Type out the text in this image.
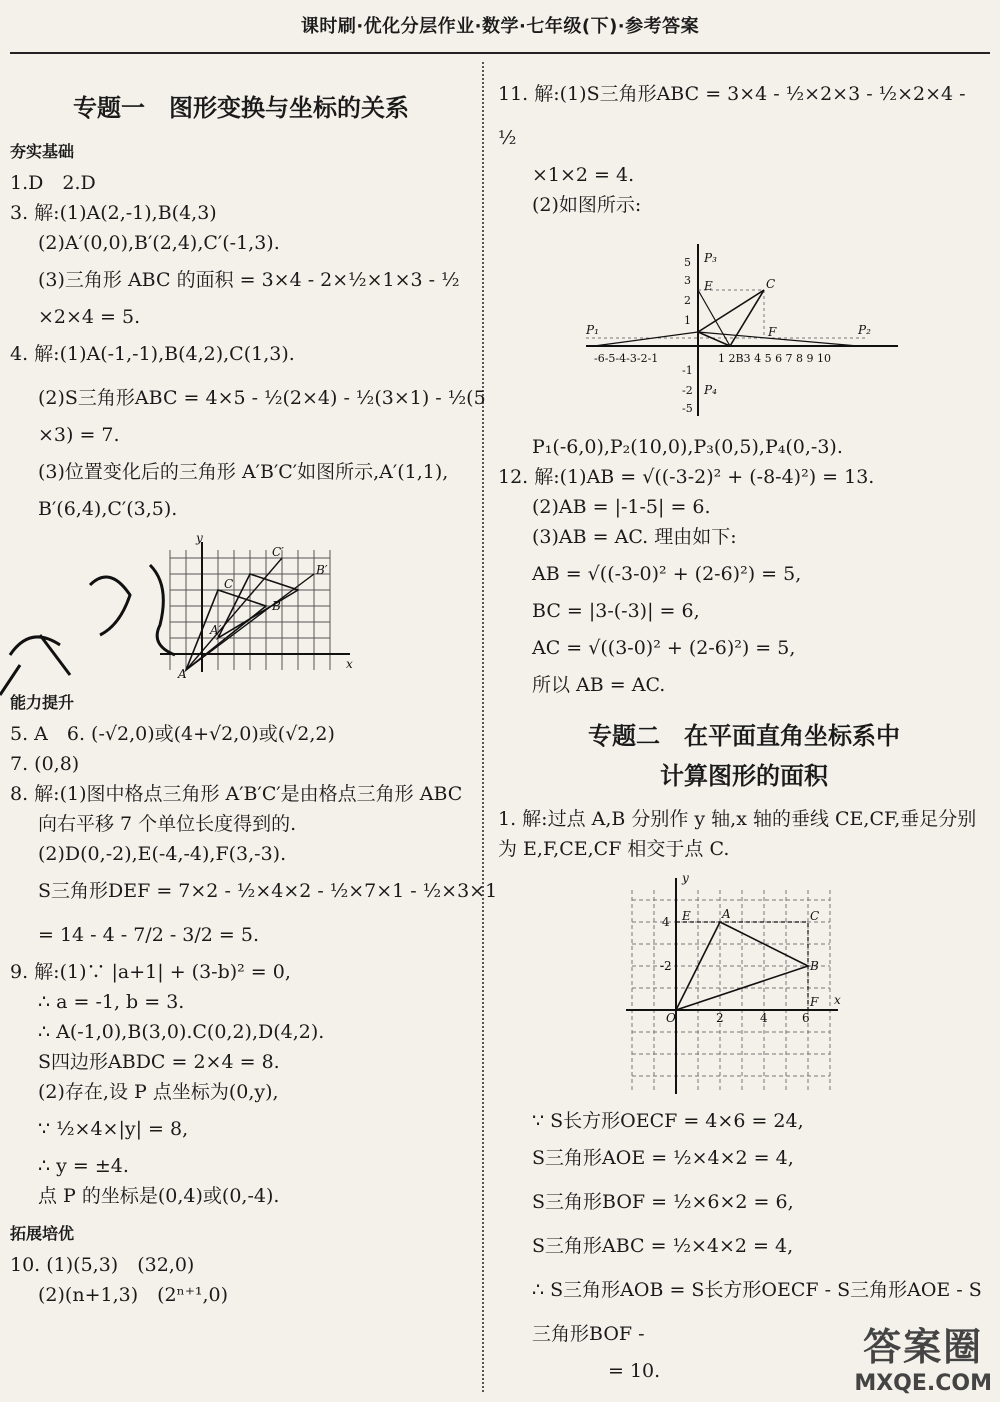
课时刷·优化分层作业·数学·七年级(下)·参考答案
专题一　图形变换与坐标的关系
夯实基础
1.D　2.D
3. 解:(1)A(2,-1),B(4,3)
(2)A′(0,0),B′(2,4),C′(-1,3).
(3)三角形 ABC 的面积 = 3×4 - 2×½×1×3 - ½
×2×4 = 5.
4. 解:(1)A(-1,-1),B(4,2),C(1,3).
(2)S三角形ABC = 4×5 - ½(2×4) - ½(3×1) - ½(5
×3) = 7.
(3)位置变化后的三角形 A′B′C′如图所示,A′(1,1),
B′(6,4),C′(3,5).
y
x
A
B
C
C′
B′
A′
能力提升
5. A　6. (-√2,0)或(4+√2,0)或(√2,2)
7. (0,8)
8. 解:(1)图中格点三角形 A′B′C′是由格点三角形 ABC
向右平移 7 个单位长度得到的.
(2)D(0,-2),E(-4,-4),F(3,-3).
S三角形DEF = 7×2 - ½×4×2 - ½×7×1 - ½×3×1
= 14 - 4 - 7/2 - 3/2 = 5.
9. 解:(1)∵ |a+1| + (3-b)² = 0,
∴ a = -1, b = 3.
∴ A(-1,0),B(3,0).C(0,2),D(4,2).
S四边形ABDC = 2×4 = 8.
(2)存在,设 P 点坐标为(0,y),
∵ ½×4×|y| = 8,
∴ y = ±4.
点 P 的坐标是(0,4)或(0,-4).
拓展培优
10. (1)(5,3)　(32,0)
(2)(n+1,3)　(2ⁿ⁺¹,0)
11. 解:(1)S三角形ABC = 3×4 - ½×2×3 - ½×2×4 - ½
×1×2 = 4.
(2)如图所示:
-6-5-4-3-2-1	1 2B3 4 5 6 7 8 9 10
5
3
2
1
-1
-2
-5
P₁	P₂
P₃
P₄
C
E
F
P₁(-6,0),P₂(10,0),P₃(0,5),P₄(0,-3).
12. 解:(1)AB = √((-3-2)² + (-8-4)²) = 13.
(2)AB = |-1-5| = 6.
(3)AB = AC. 理由如下:
AB = √((-3-0)² + (2-6)²) = 5,
BC = |3-(-3)| = 6,
AC = √((3-0)² + (2-6)²) = 5,
所以 AB = AC.
专题二　在平面直角坐标系中
计算图形的面积
1. 解:过点 A,B 分别作 y 轴,x 轴的垂线 CE,CF,垂足分别为 E,F,CE,CF 相交于点 C.
y
x
4
-2
O	2	4	6
E	A	C
B
F
∵ S长方形OECF = 4×6 = 24,
S三角形AOE = ½×4×2 = 4,
S三角形BOF = ½×6×2 = 6,
S三角形ABC = ½×4×2 = 4,
∴ S三角形AOB = S长方形OECF - S三角形AOE - S三角形BOF -
= 10.
答案圈
MXQE.COM
